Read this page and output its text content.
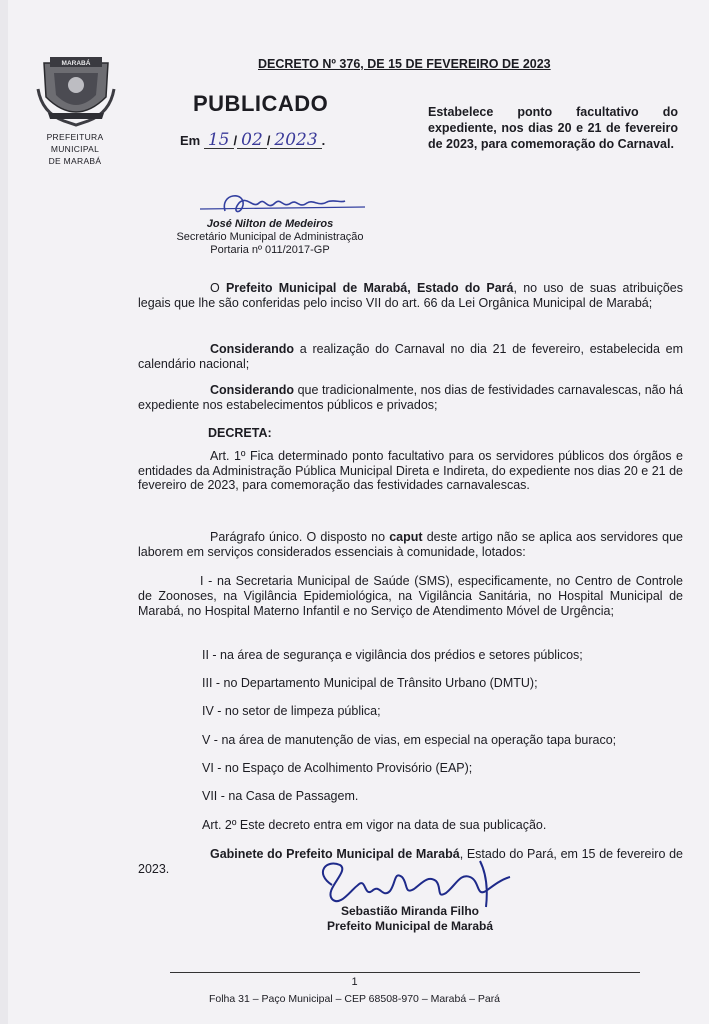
MARABÁ
PREFEITURA
MUNICIPAL
DE MARABÁ
DECRETO Nº 376, DE 15 DE FEVEREIRO DE 2023
PUBLICADO
Em 15 / 02 / 2023 .
Estabelece ponto facultativo do expediente, nos dias 20 e 21 de fevereiro de 2023, para comemoração do Carnaval.
José Nilton de Medeiros
Secretário Municipal de Administração
Portaria nº 011/2017-GP
O Prefeito Municipal de Marabá, Estado do Pará, no uso de suas atribuições legais que lhe são conferidas pelo inciso VII do art. 66 da Lei Orgânica Municipal de Marabá;
Considerando a realização do Carnaval no dia 21 de fevereiro, estabelecida em calendário nacional;
Considerando que tradicionalmente, nos dias de festividades carnavalescas, não há expediente nos estabelecimentos públicos e privados;
DECRETA:
Art. 1º Fica determinado ponto facultativo para os servidores públicos dos órgãos e entidades da Administração Pública Municipal Direta e Indireta, do expediente nos dias 20 e 21 de fevereiro de 2023, para comemoração das festividades carnavalescas.
Parágrafo único. O disposto no caput deste artigo não se aplica aos servidores que laborem em serviços considerados essenciais à comunidade, lotados:
I - na Secretaria Municipal de Saúde (SMS), especificamente, no Centro de Controle de Zoonoses, na Vigilância Epidemiológica, na Vigilância Sanitária, no Hospital Municipal de Marabá, no Hospital Materno Infantil e no Serviço de Atendimento Móvel de Urgência;
II - na área de segurança e vigilância dos prédios e setores públicos;
III - no Departamento Municipal de Trânsito Urbano (DMTU);
IV - no setor de limpeza pública;
V - na área de manutenção de vias, em especial na operação tapa buraco;
VI - no Espaço de Acolhimento Provisório (EAP);
VII - na Casa de Passagem.
Art. 2º Este decreto entra em vigor na data de sua publicação.
Gabinete do Prefeito Municipal de Marabá, Estado do Pará, em 15 de fevereiro de 2023.
Sebastião Miranda Filho
Prefeito Municipal de Marabá
1
Folha 31 – Paço Municipal – CEP 68508-970 – Marabá – Pará
